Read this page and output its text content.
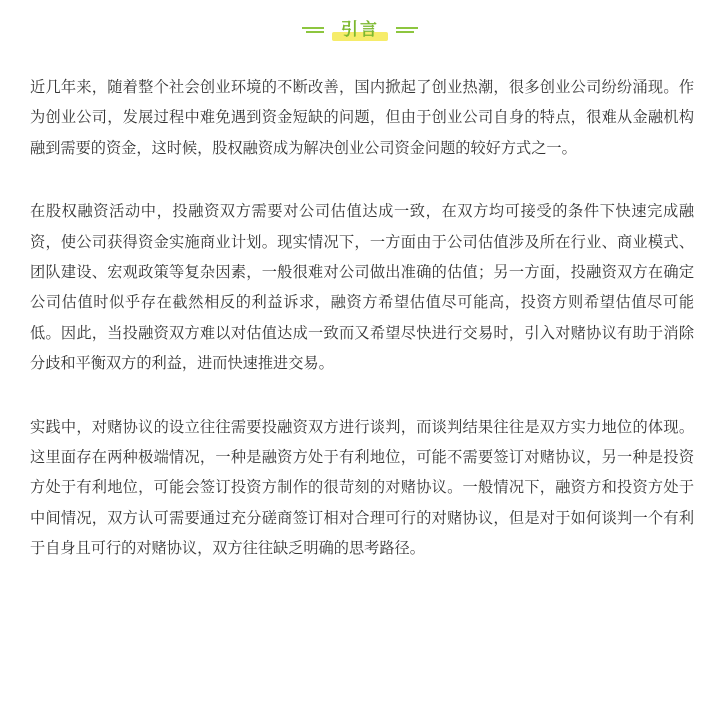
引言

近几年来，随着整个社会创业环境的不断改善，国内掀起了创业热潮，很多创业公司纷纷涌现。作为创业公司，发展过程中难免遇到资金短缺的问题，但由于创业公司自身的特点，很难从金融机构融到需要的资金，这时候，股权融资成为解决创业公司资金问题的较好方式之一。

在股权融资活动中，投融资双方需要对公司估值达成一致，在双方均可接受的条件下快速完成融资，使公司获得资金实施商业计划。现实情况下，一方面由于公司估值涉及所在行业、商业模式、团队建设、宏观政策等复杂因素，一般很难对公司做出准确的估值；另一方面，投融资双方在确定公司估值时似乎存在截然相反的利益诉求，融资方希望估值尽可能高，投资方则希望估值尽可能低。因此，当投融资双方难以对估值达成一致而又希望尽快进行交易时，引入对赌协议有助于消除分歧和平衡双方的利益，进而快速推进交易。

实践中，对赌协议的设立往往需要投融资双方进行谈判，而谈判结果往往是双方实力地位的体现。这里面存在两种极端情况，一种是融资方处于有利地位，可能不需要签订对赌协议，另一种是投资方处于有利地位，可能会签订投资方制作的很苛刻的对赌协议。一般情况下，融资方和投资方处于中间情况，双方认可需要通过充分磋商签订相对合理可行的对赌协议，但是对于如何谈判一个有利于自身且可行的对赌协议，双方往往缺乏明确的思考路径。
